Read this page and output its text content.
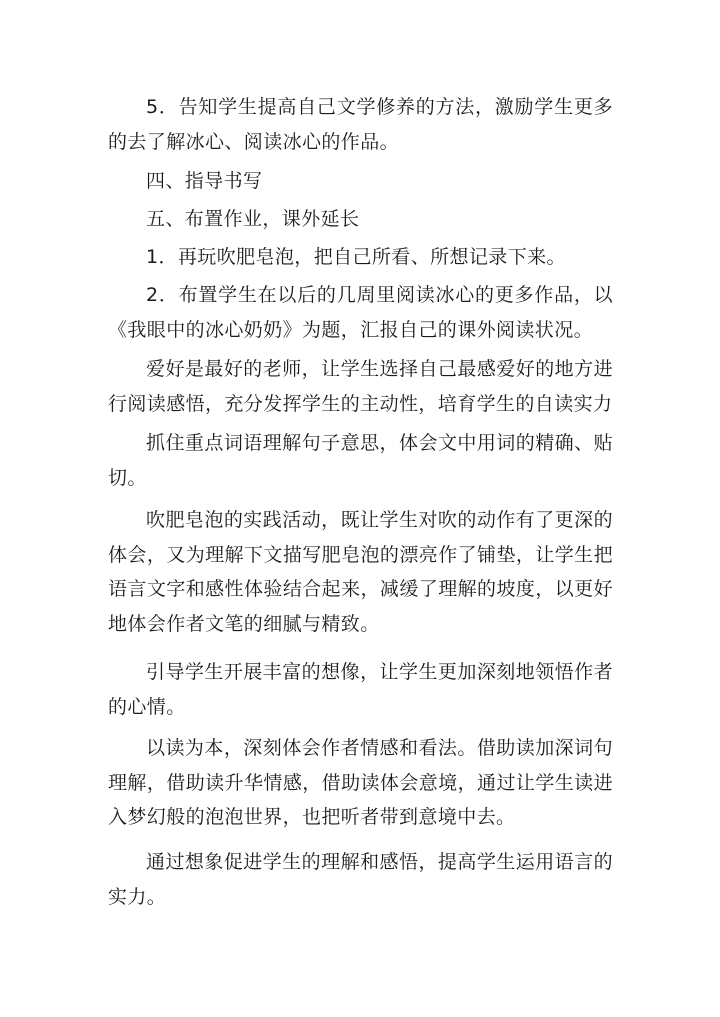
5．告知学生提高自己文学修养的方法，激励学生更多的去了解冰心、阅读冰心的作品。

四、指导书写

五、布置作业，课外延长

1．再玩吹肥皂泡，把自己所看、所想记录下来。

2．布置学生在以后的几周里阅读冰心的更多作品，以《我眼中的冰心奶奶》为题，汇报自己的课外阅读状况。

爱好是最好的老师，让学生选择自己最感爱好的地方进行阅读感悟，充分发挥学生的主动性，培育学生的自读实力

抓住重点词语理解句子意思，体会文中用词的精确、贴切。

吹肥皂泡的实践活动，既让学生对吹的动作有了更深的体会，又为理解下文描写肥皂泡的漂亮作了铺垫，让学生把语言文字和感性体验结合起来，减缓了理解的坡度，以更好地体会作者文笔的细腻与精致。

引导学生开展丰富的想像，让学生更加深刻地领悟作者的心情。

以读为本，深刻体会作者情感和看法。借助读加深词句理解，借助读升华情感，借助读体会意境，通过让学生读进入梦幻般的泡泡世界，也把听者带到意境中去。

通过想象促进学生的理解和感悟，提高学生运用语言的实力。
